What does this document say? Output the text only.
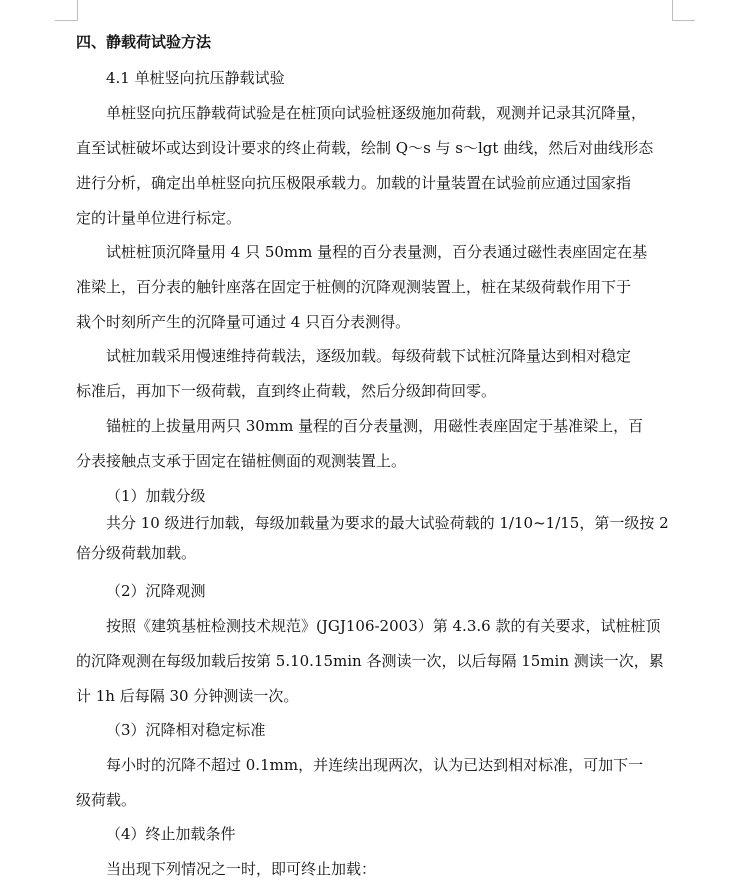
四、静载荷试验方法
4.1 单桩竖向抗压静载试验
单桩竖向抗压静载荷试验是在桩顶向试验桩逐级施加荷载，观测并记录其沉降量，
直至试桩破坏或达到设计要求的终止荷载，绘制 Q～s 与 s～lgt 曲线，然后对曲线形态
进行分析，确定出单桩竖向抗压极限承载力。加载的计量装置在试验前应通过国家指
定的计量单位进行标定。
试桩桩顶沉降量用 4 只 50mm 量程的百分表量测，百分表通过磁性表座固定在基
准梁上，百分表的触针座落在固定于桩侧的沉降观测装置上，桩在某级荷载作用下于
栽个时刻所产生的沉降量可通过 4 只百分表测得。
试桩加载采用慢速维持荷载法，逐级加载。每级荷载下试桩沉降量达到相对稳定
标准后，再加下一级荷载，直到终止荷载，然后分级卸荷回零。
锚桩的上拔量用两只 30mm 量程的百分表量测，用磁性表座固定于基准梁上，百
分表接触点支承于固定在锚桩侧面的观测装置上。
（1）加载分级
共分 10 级进行加载，每级加载量为要求的最大试验荷载的 1/10~1/15，第一级按 2
倍分级荷载加载。
（2）沉降观测
按照《建筑基桩检测技术规范》(JGJ106-2003）第 4.3.6 款的有关要求，试桩桩顶
的沉降观测在每级加载后按第 5.10.15min 各测读一次，以后每隔 15min 测读一次，累
计 1h 后每隔 30 分钟测读一次。
（3）沉降相对稳定标准
每小时的沉降不超过 0.1mm，并连续出现两次，认为已达到相对标准，可加下一
级荷载。
（4）终止加载条件
当出现下列情况之一时，即可终止加载：
